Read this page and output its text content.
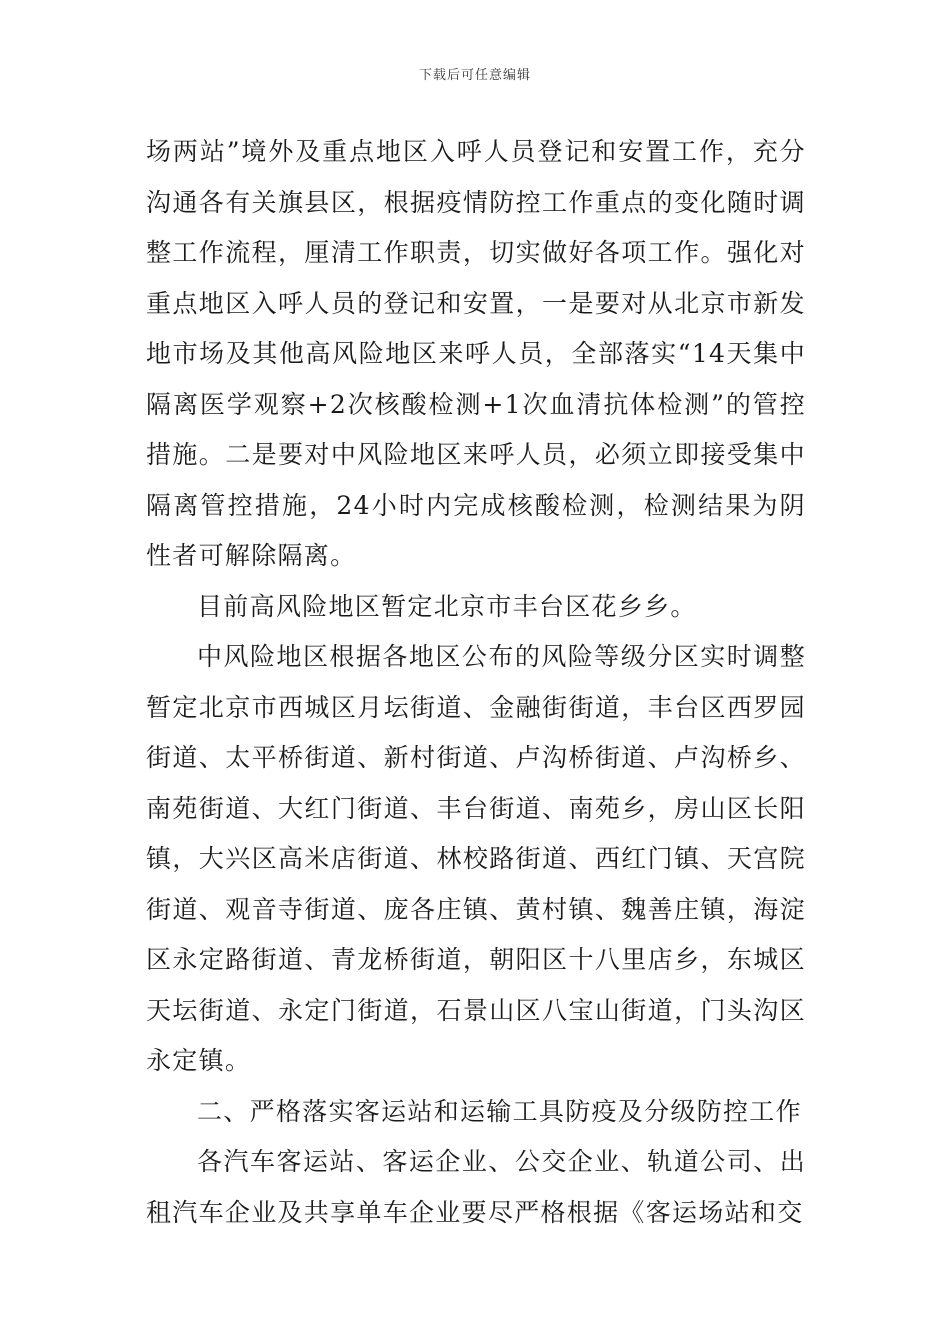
下载后可任意编辑

场两站”境外及重点地区入呼人员登记和安置工作，充分沟通各有关旗县区，根据疫情防控工作重点的变化随时调整工作流程，厘清工作职责，切实做好各项工作。强化对重点地区入呼人员的登记和安置，一是要对从北京市新发地市场及其他高风险地区来呼人员，全部落实“14天集中隔离医学观察+2次核酸检测+1次血清抗体检测”的管控措施。二是要对中风险地区来呼人员，必须立即接受集中隔离管控措施，24小时内完成核酸检测，检测结果为阴性者可解除隔离。

目前高风险地区暂定北京市丰台区花乡乡。

中风险地区根据各地区公布的风险等级分区实时调整暂定北京市西城区月坛街道、金融街街道，丰台区西罗园街道、太平桥街道、新村街道、卢沟桥街道、卢沟桥乡、南苑街道、大红门街道、丰台街道、南苑乡，房山区长阳镇，大兴区高米店街道、林校路街道、西红门镇、天宫院街道、观音寺街道、庞各庄镇、黄村镇、魏善庄镇，海淀区永定路街道、青龙桥街道，朝阳区十八里店乡，东城区天坛街道、永定门街道，石景山区八宝山街道，门头沟区永定镇。

二、严格落实客运站和运输工具防疫及分级防控工作

各汽车客运站、客运企业、公交企业、轨道公司、出租汽车企业及共享单车企业要尽严格根据《客运场站和交
